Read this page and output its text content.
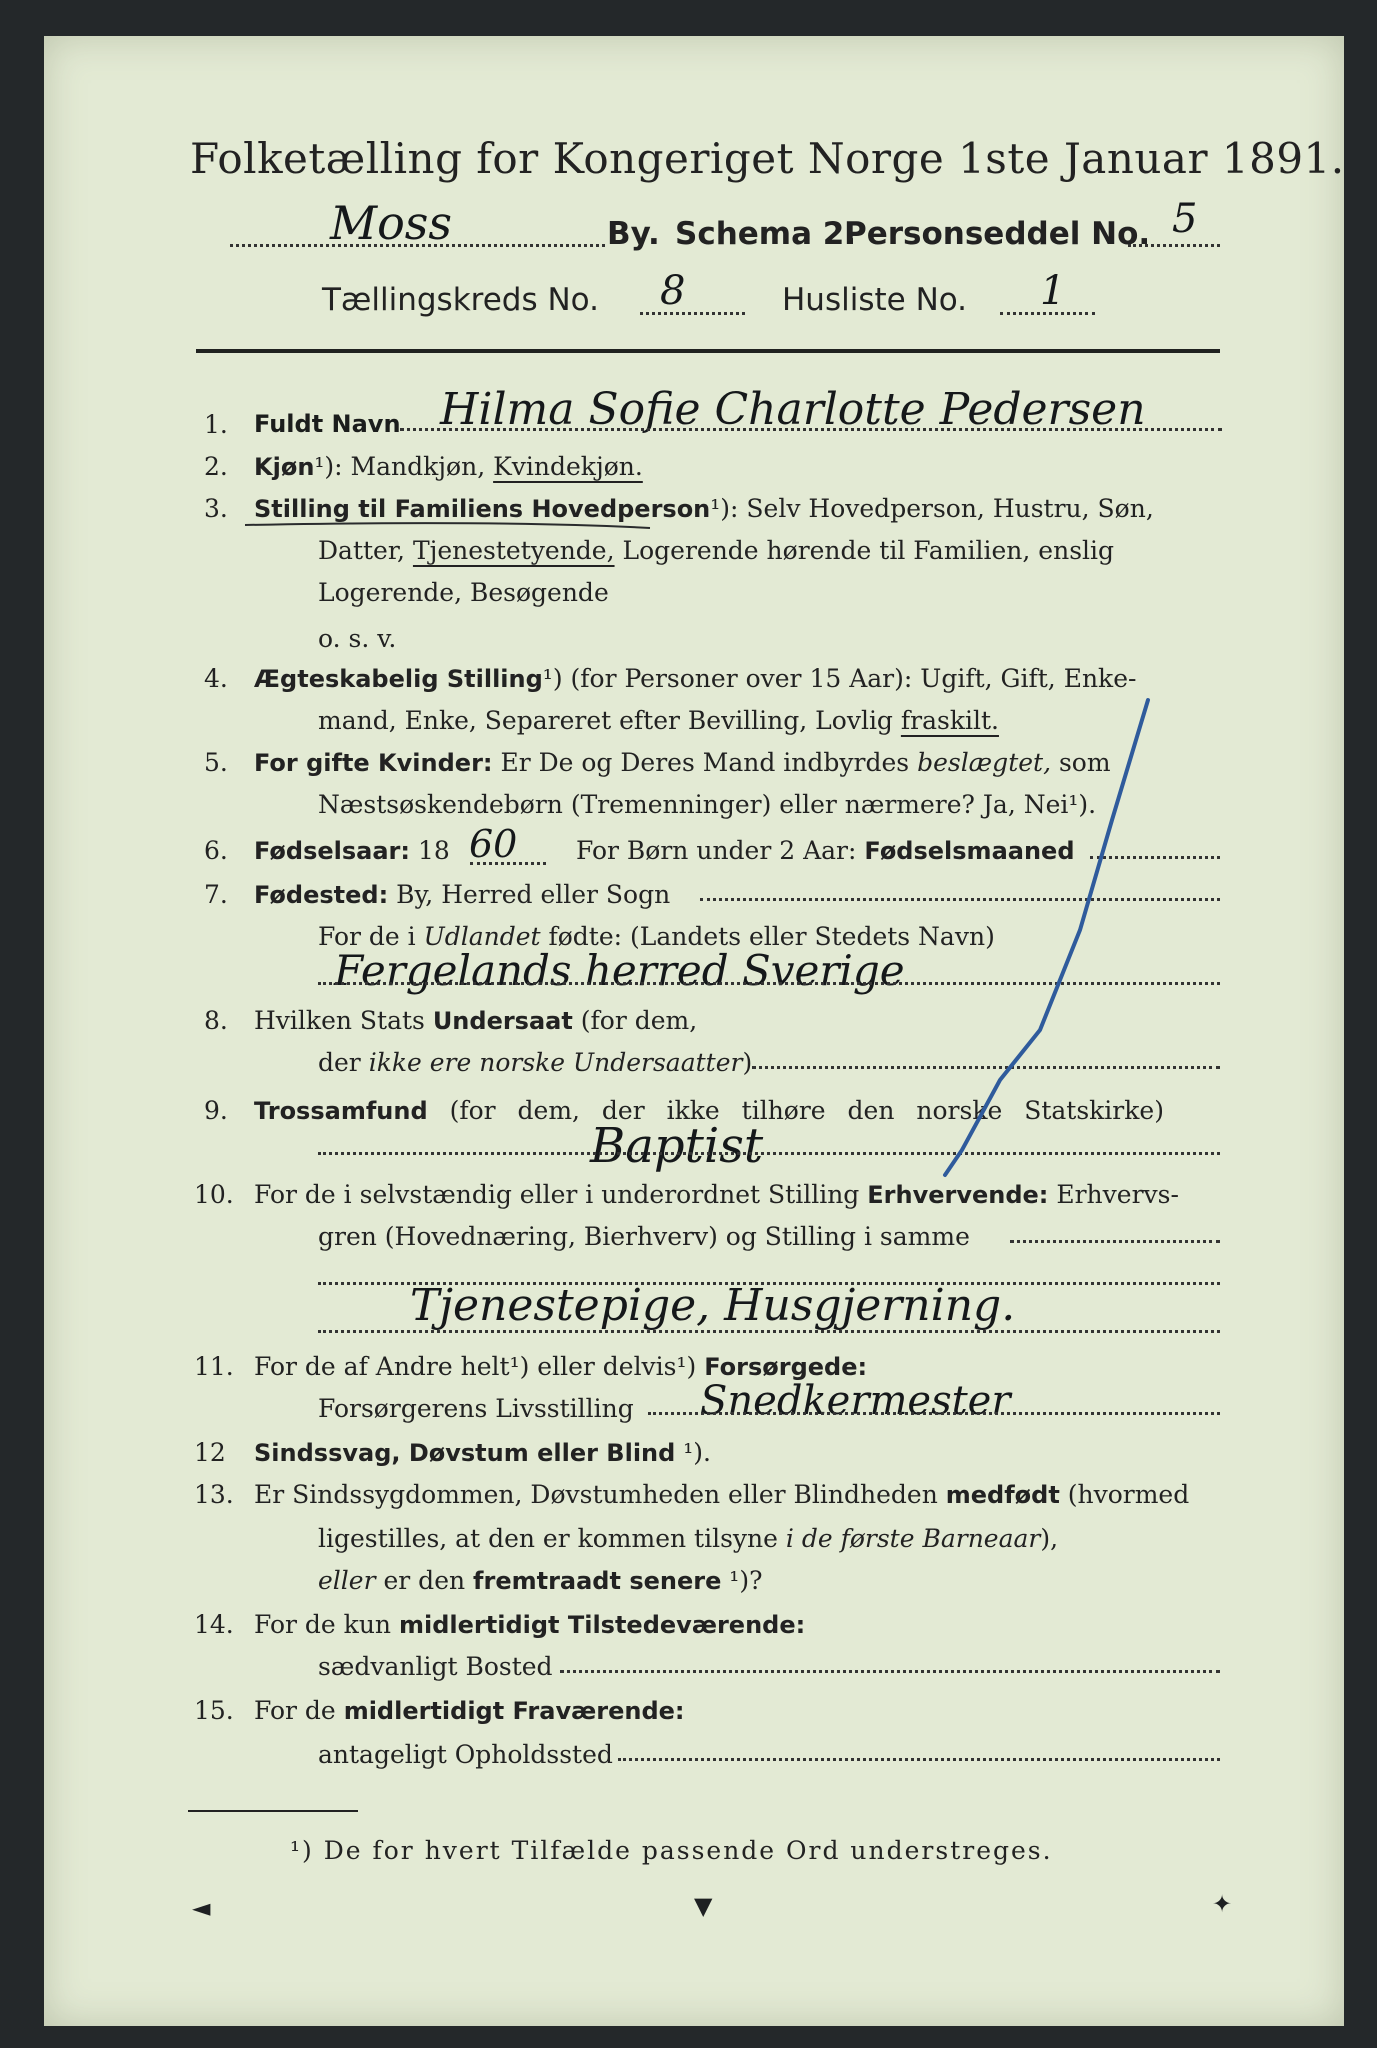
Folketælling for Kongeriget Norge 1ste Januar 1891.
Moss	By. Schema 2.
Personseddel No. 5
Tællingskreds No. 8	Husliste No. 1
1. Fuldt Navn Hilma Sofie Charlotte Pedersen
2. Kjøn¹): Mandkjøn, Kvindekjøn.
3. Stilling til Familiens Hovedperson¹): Selv Hovedperson, Hustru, Søn,
Datter, Tjenestetyende, Logerende hørende til Familien, enslig
Logerende, Besøgende
o. s. v.
4. Ægteskabelig Stilling¹) (for Personer over 15 Aar): Ugift, Gift, Enke-
mand, Enke, Separeret efter Bevilling, Lovlig fraskilt.
5. For gifte Kvinder: Er De og Deres Mand indbyrdes beslægtet, som
Næstsøskendebørn (Tremenninger) eller nærmere? Ja, Nei¹).
6. Fødselsaar: 18 60 For Børn under 2 Aar: Fødselsmaaned
7. Fødested: By, Herred eller Sogn
For de i Udlandet fødte: (Landets eller Stedets Navn)
Fergelands herred Sverige
8. Hvilken Stats Undersaat (for dem,
der ikke ere norske Undersaatter)
9. Trossamfund (for dem, der ikke tilhøre den norske Statskirke)
Baptist
10. For de i selvstændig eller i underordnet Stilling Erhvervende: Erhvervs-
gren (Hovednæring, Bierhverv) og Stilling i samme
Tjenestepige, Husgjerning.
11. For de af Andre helt¹) eller delvis¹) Forsørgede:
Forsørgerens Livsstilling Snedkermester
12 Sindssvag, Døvstum eller Blind ¹).
13. Er Sindssygdommen, Døvstumheden eller Blindheden medfødt (hvormed
ligestilles, at den er kommen tilsyne i de første Barneaar),
eller er den fremtraadt senere ¹)?
14. For de kun midlertidigt Tilstedeværende:
sædvanligt Bosted
15. For de midlertidigt Fraværende:
antageligt Opholdssted
¹) De for hvert Tilfælde passende Ord understreges.
◄	▼	✦
